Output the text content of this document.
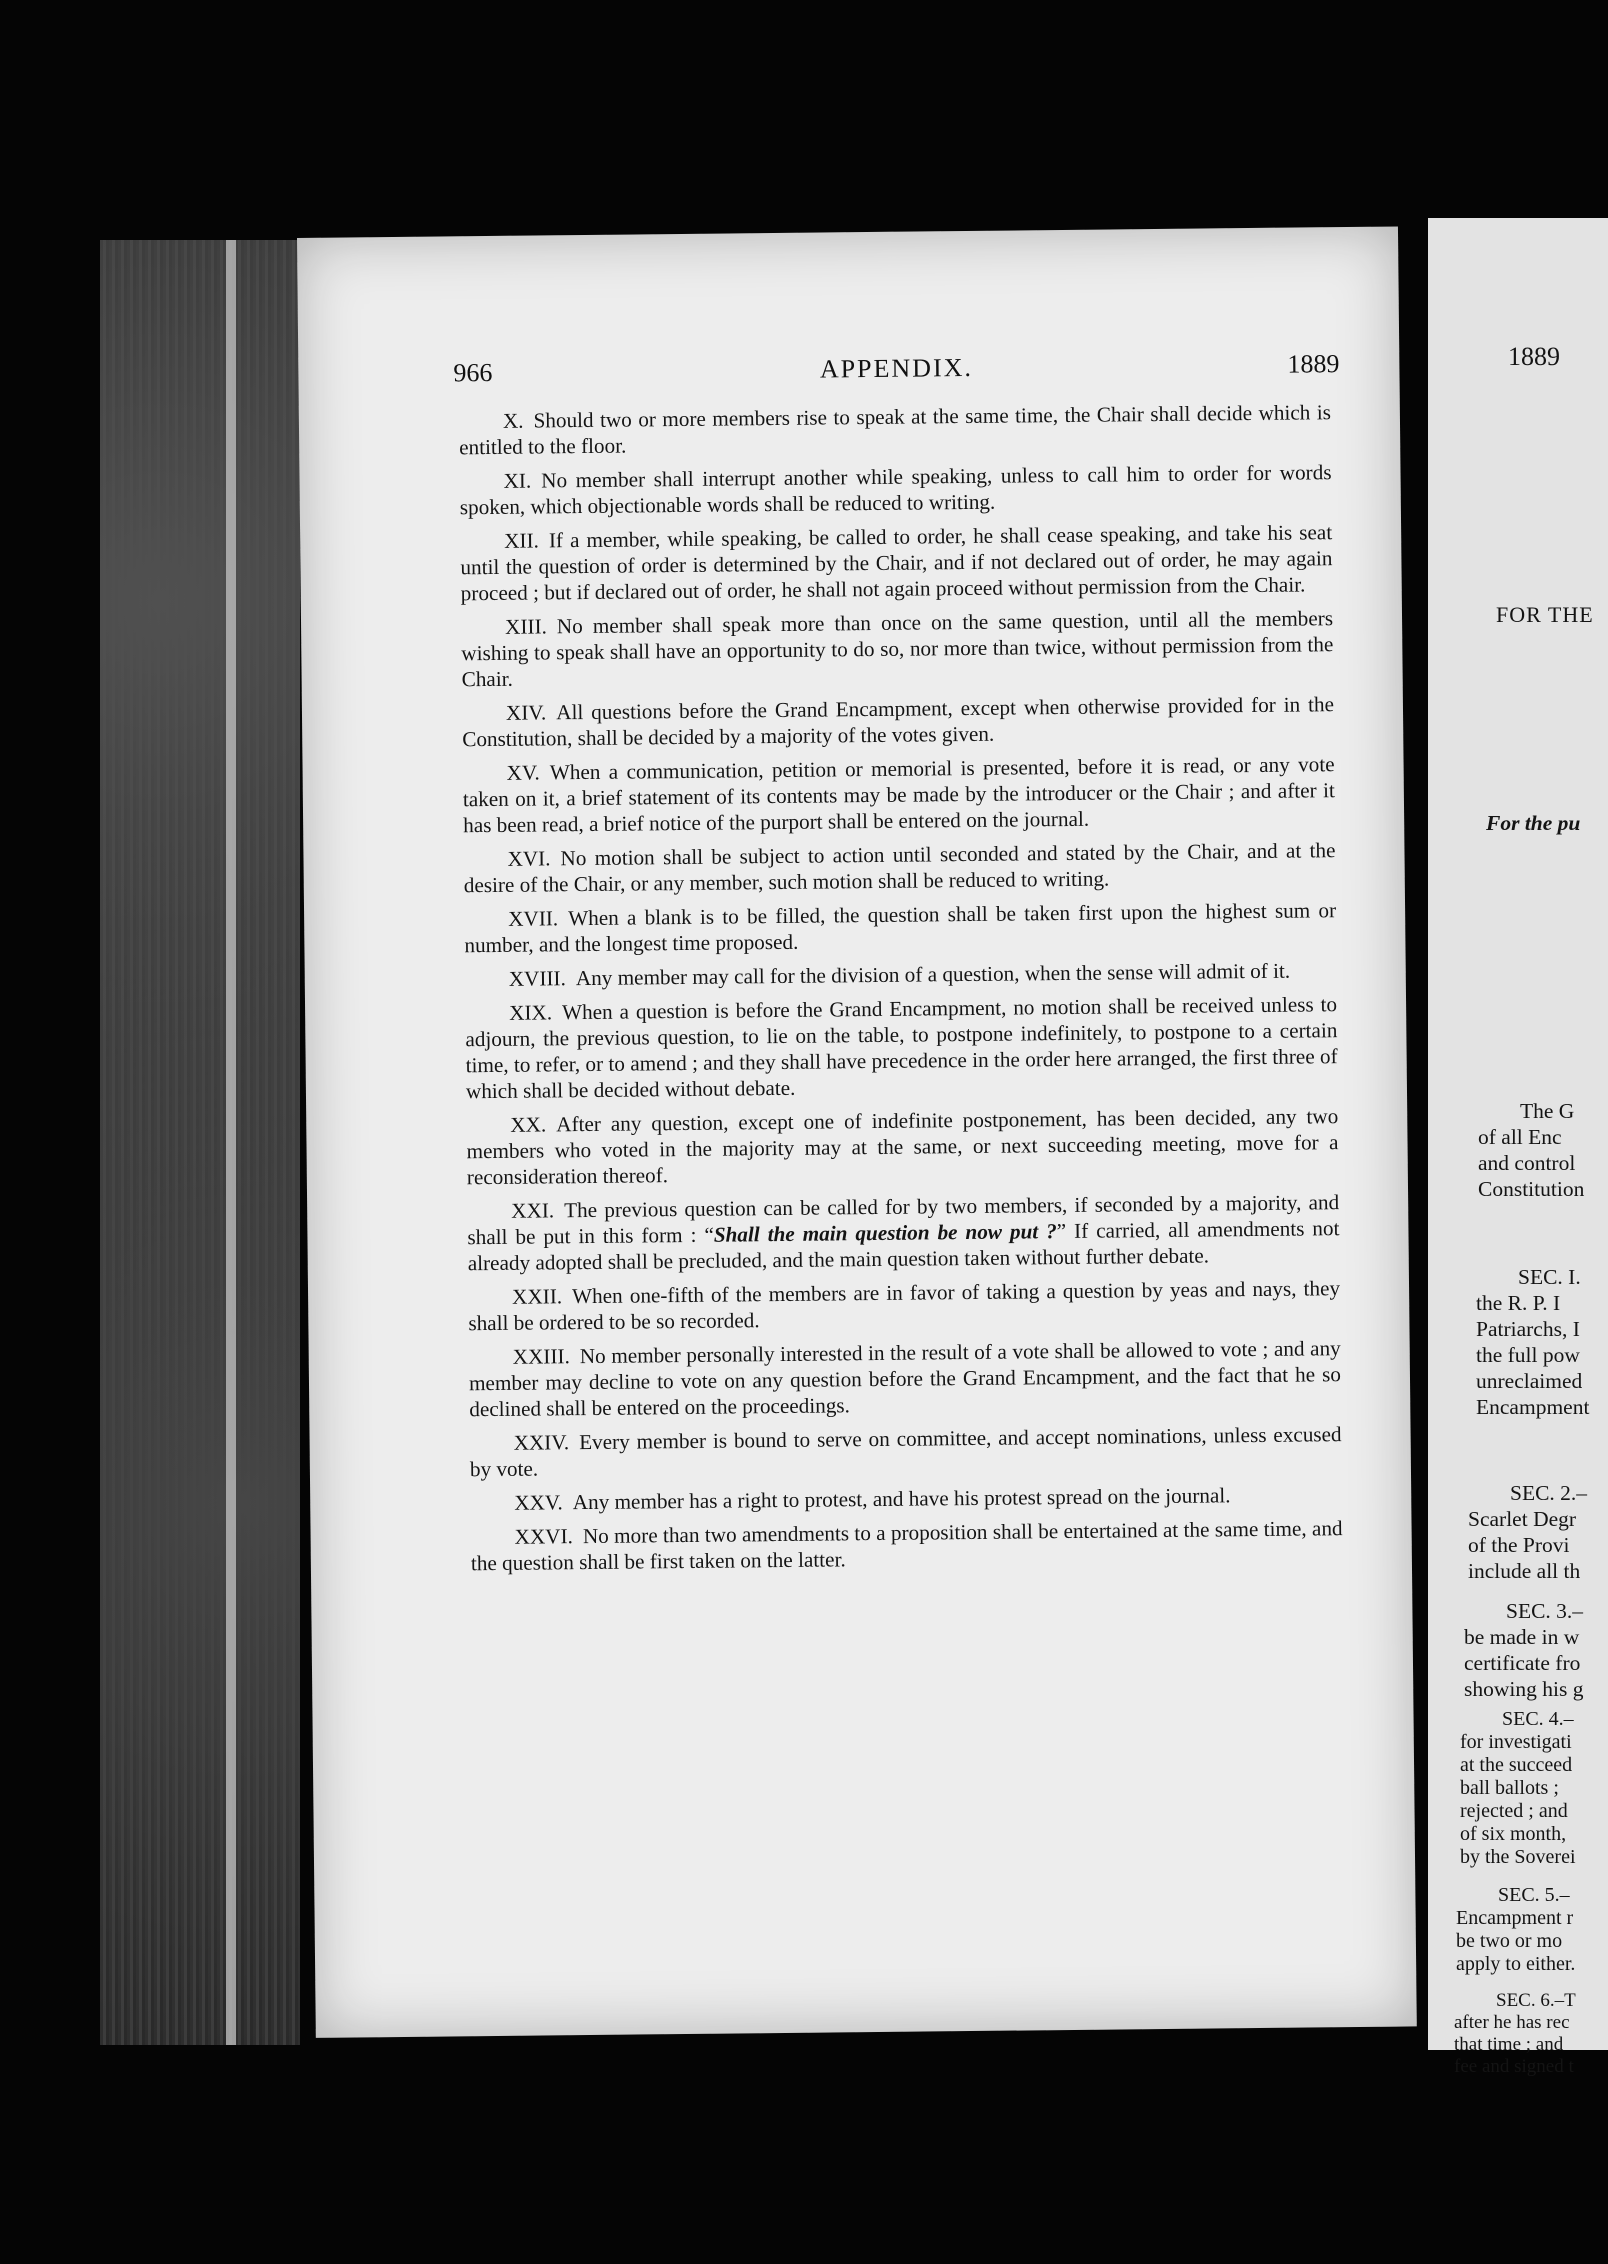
966	APPENDIX.	1889

X. Should two or more members rise to speak at the same time, the Chair shall decide which is entitled to the floor.

XI. No member shall interrupt another while speaking, unless to call him to order for words spoken, which objectionable words shall be reduced to writing.

XII. If a member, while speaking, be called to order, he shall cease speaking, and take his seat until the question of order is determined by the Chair, and if not declared out of order, he may again proceed ; but if declared out of order, he shall not again proceed without permission from the Chair.

XIII. No member shall speak more than once on the same question, until all the members wishing to speak shall have an opportunity to do so, nor more than twice, without permission from the Chair.

XIV. All questions before the Grand Encampment, except when otherwise provided for in the Constitution, shall be decided by a majority of the votes given.

XV. When a communication, petition or memorial is presented, before it is read, or any vote taken on it, a brief statement of its contents may be made by the introducer or the Chair ; and after it has been read, a brief notice of the purport shall be entered on the journal.

XVI. No motion shall be subject to action until seconded and stated by the Chair, and at the desire of the Chair, or any member, such motion shall be reduced to writing.

XVII. When a blank is to be filled, the question shall be taken first upon the highest sum or number, and the longest time proposed.

XVIII. Any member may call for the division of a question, when the sense will admit of it.

XIX. When a question is before the Grand Encampment, no motion shall be received unless to adjourn, the previous question, to lie on the table, to postpone indefinitely, to postpone to a certain time, to refer, or to amend ; and they shall have precedence in the order here arranged, the first three of which shall be decided without debate.

XX. After any question, except one of indefinite postponement, has been decided, any two members who voted in the majority may at the same, or next succeeding meeting, move for a reconsideration thereof.

XXI. The previous question can be called for by two members, if seconded by a majority, and shall be put in this form : “Shall the main question be now put ?” If carried, all amendments not already adopted shall be precluded, and the main question taken without further debate.

XXII. When one-fifth of the members are in favor of taking a question by yeas and nays, they shall be ordered to be so recorded.

XXIII. No member personally interested in the result of a vote shall be allowed to vote ; and any member may decline to vote on any question before the Grand Encampment, and the fact that he so declined shall be entered on the proceedings.

XXIV. Every member is bound to serve on committee, and accept nominations, unless excused by vote.

XXV. Any member has a right to protest, and have his protest spread on the journal.

XXVI. No more than two amendments to a proposition shall be entertained at the same time, and the question shall be first taken on the latter.

1889
FOR THE
For the pu
The G
of all Enc
and control
Constitution
SEC. I.
the R. P. I
Patriarchs, I
the full pow
unreclaimed
Encampment
SEC. 2.–
Scarlet Degr
of the Provi
include all th
SEC. 3.–
be made in w
certificate fro
showing his g
SEC. 4.–
for investigati
at the succeed
ball ballots ;
rejected ; and
of six month,
by the Soverei
SEC. 5.–
Encampment r
be two or mo
apply to either.
SEC. 6.–T
after he has rec
that time ; and
fee and signed t
